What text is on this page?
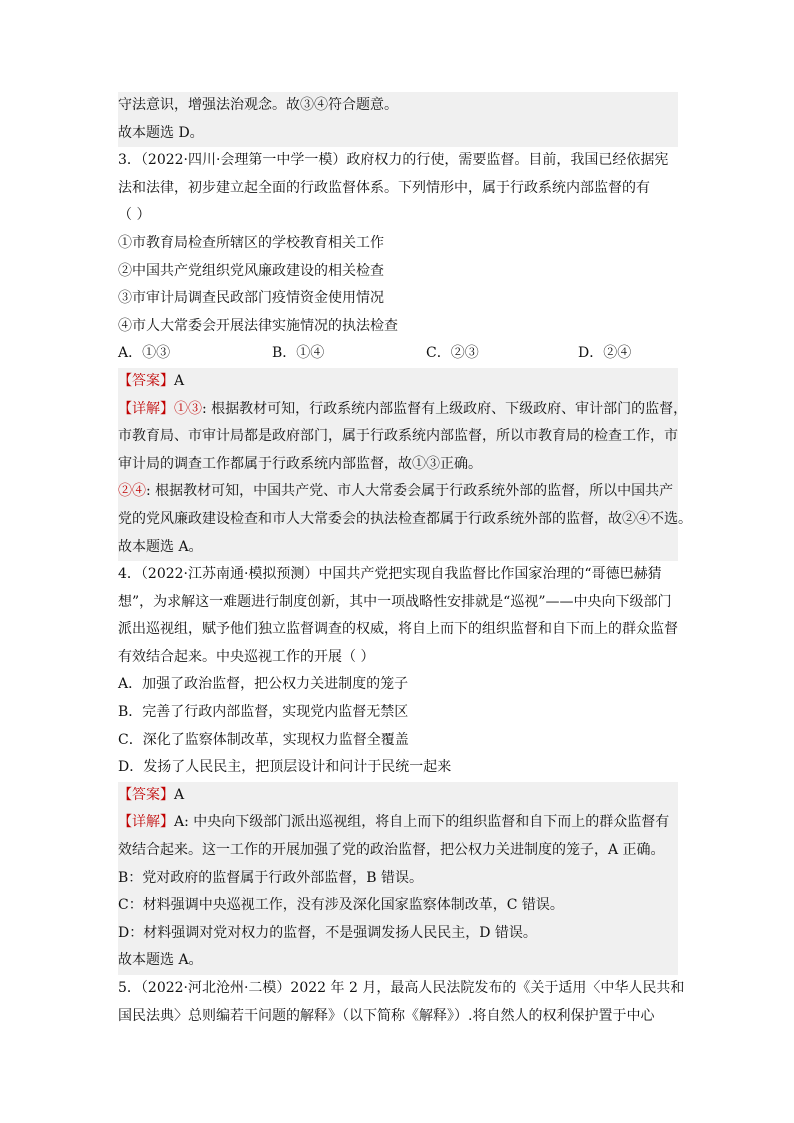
守法意识，增强法治观念。故③④符合题意。
故本题选 D。
3．（2022·四川·会理第一中学一模）政府权力的行使，需要监督。目前，我国已经依据宪
法和法律，初步建立起全面的行政监督体系。下列情形中，属于行政系统内部监督的有
（ ）
①市教育局检查所辖区的学校教育相关工作
②中国共产党组织党风廉政建设的相关检查
③市审计局调查民政部门疫情资金使用情况
④市人大常委会开展法律实施情况的执法检查
A．①③	B．①④	C．②③	D．②④
【答案】A
【详解】①③: 根据教材可知，行政系统内部监督有上级政府、下级政府、审计部门的监督，
市教育局、市审计局都是政府部门，属于行政系统内部监督，所以市教育局的检查工作，市
审计局的调查工作都属于行政系统内部监督，故①③正确。
②④: 根据教材可知，中国共产党、市人大常委会属于行政系统外部的监督，所以中国共产
党的党风廉政建设检查和市人大常委会的执法检查都属于行政系统外部的监督，故②④不选。
故本题选 A。
4．（2022·江苏南通·模拟预测）中国共产党把实现自我监督比作国家治理的“哥德巴赫猜
想”，为求解这一难题进行制度创新，其中一项战略性安排就是“巡视”——中央向下级部门
派出巡视组，赋予他们独立监督调查的权威，将自上而下的组织监督和自下而上的群众监督
有效结合起来。中央巡视工作的开展（ ）
A．加强了政治监督，把公权力关进制度的笼子
B．完善了行政内部监督，实现党内监督无禁区
C．深化了监察体制改革，实现权力监督全覆盖
D．发扬了人民民主，把顶层设计和问计于民统一起来
【答案】A
【详解】A: 中央向下级部门派出巡视组，将自上而下的组织监督和自下而上的群众监督有
效结合起来。这一工作的开展加强了党的政治监督，把公权力关进制度的笼子，A 正确。
B：党对政府的监督属于行政外部监督，B 错误。
C：材料强调中央巡视工作，没有涉及深化国家监察体制改革，C 错误。
D：材料强调对党对权力的监督，不是强调发扬人民民主，D 错误。
故本题选 A。
5．（2022·河北沧州·二模）2022 年 2 月，最高人民法院发布的《关于适用〈中华人民共和
国民法典〉总则编若干问题的解释》（以下简称《解释》）.将自然人的权利保护置于中心
